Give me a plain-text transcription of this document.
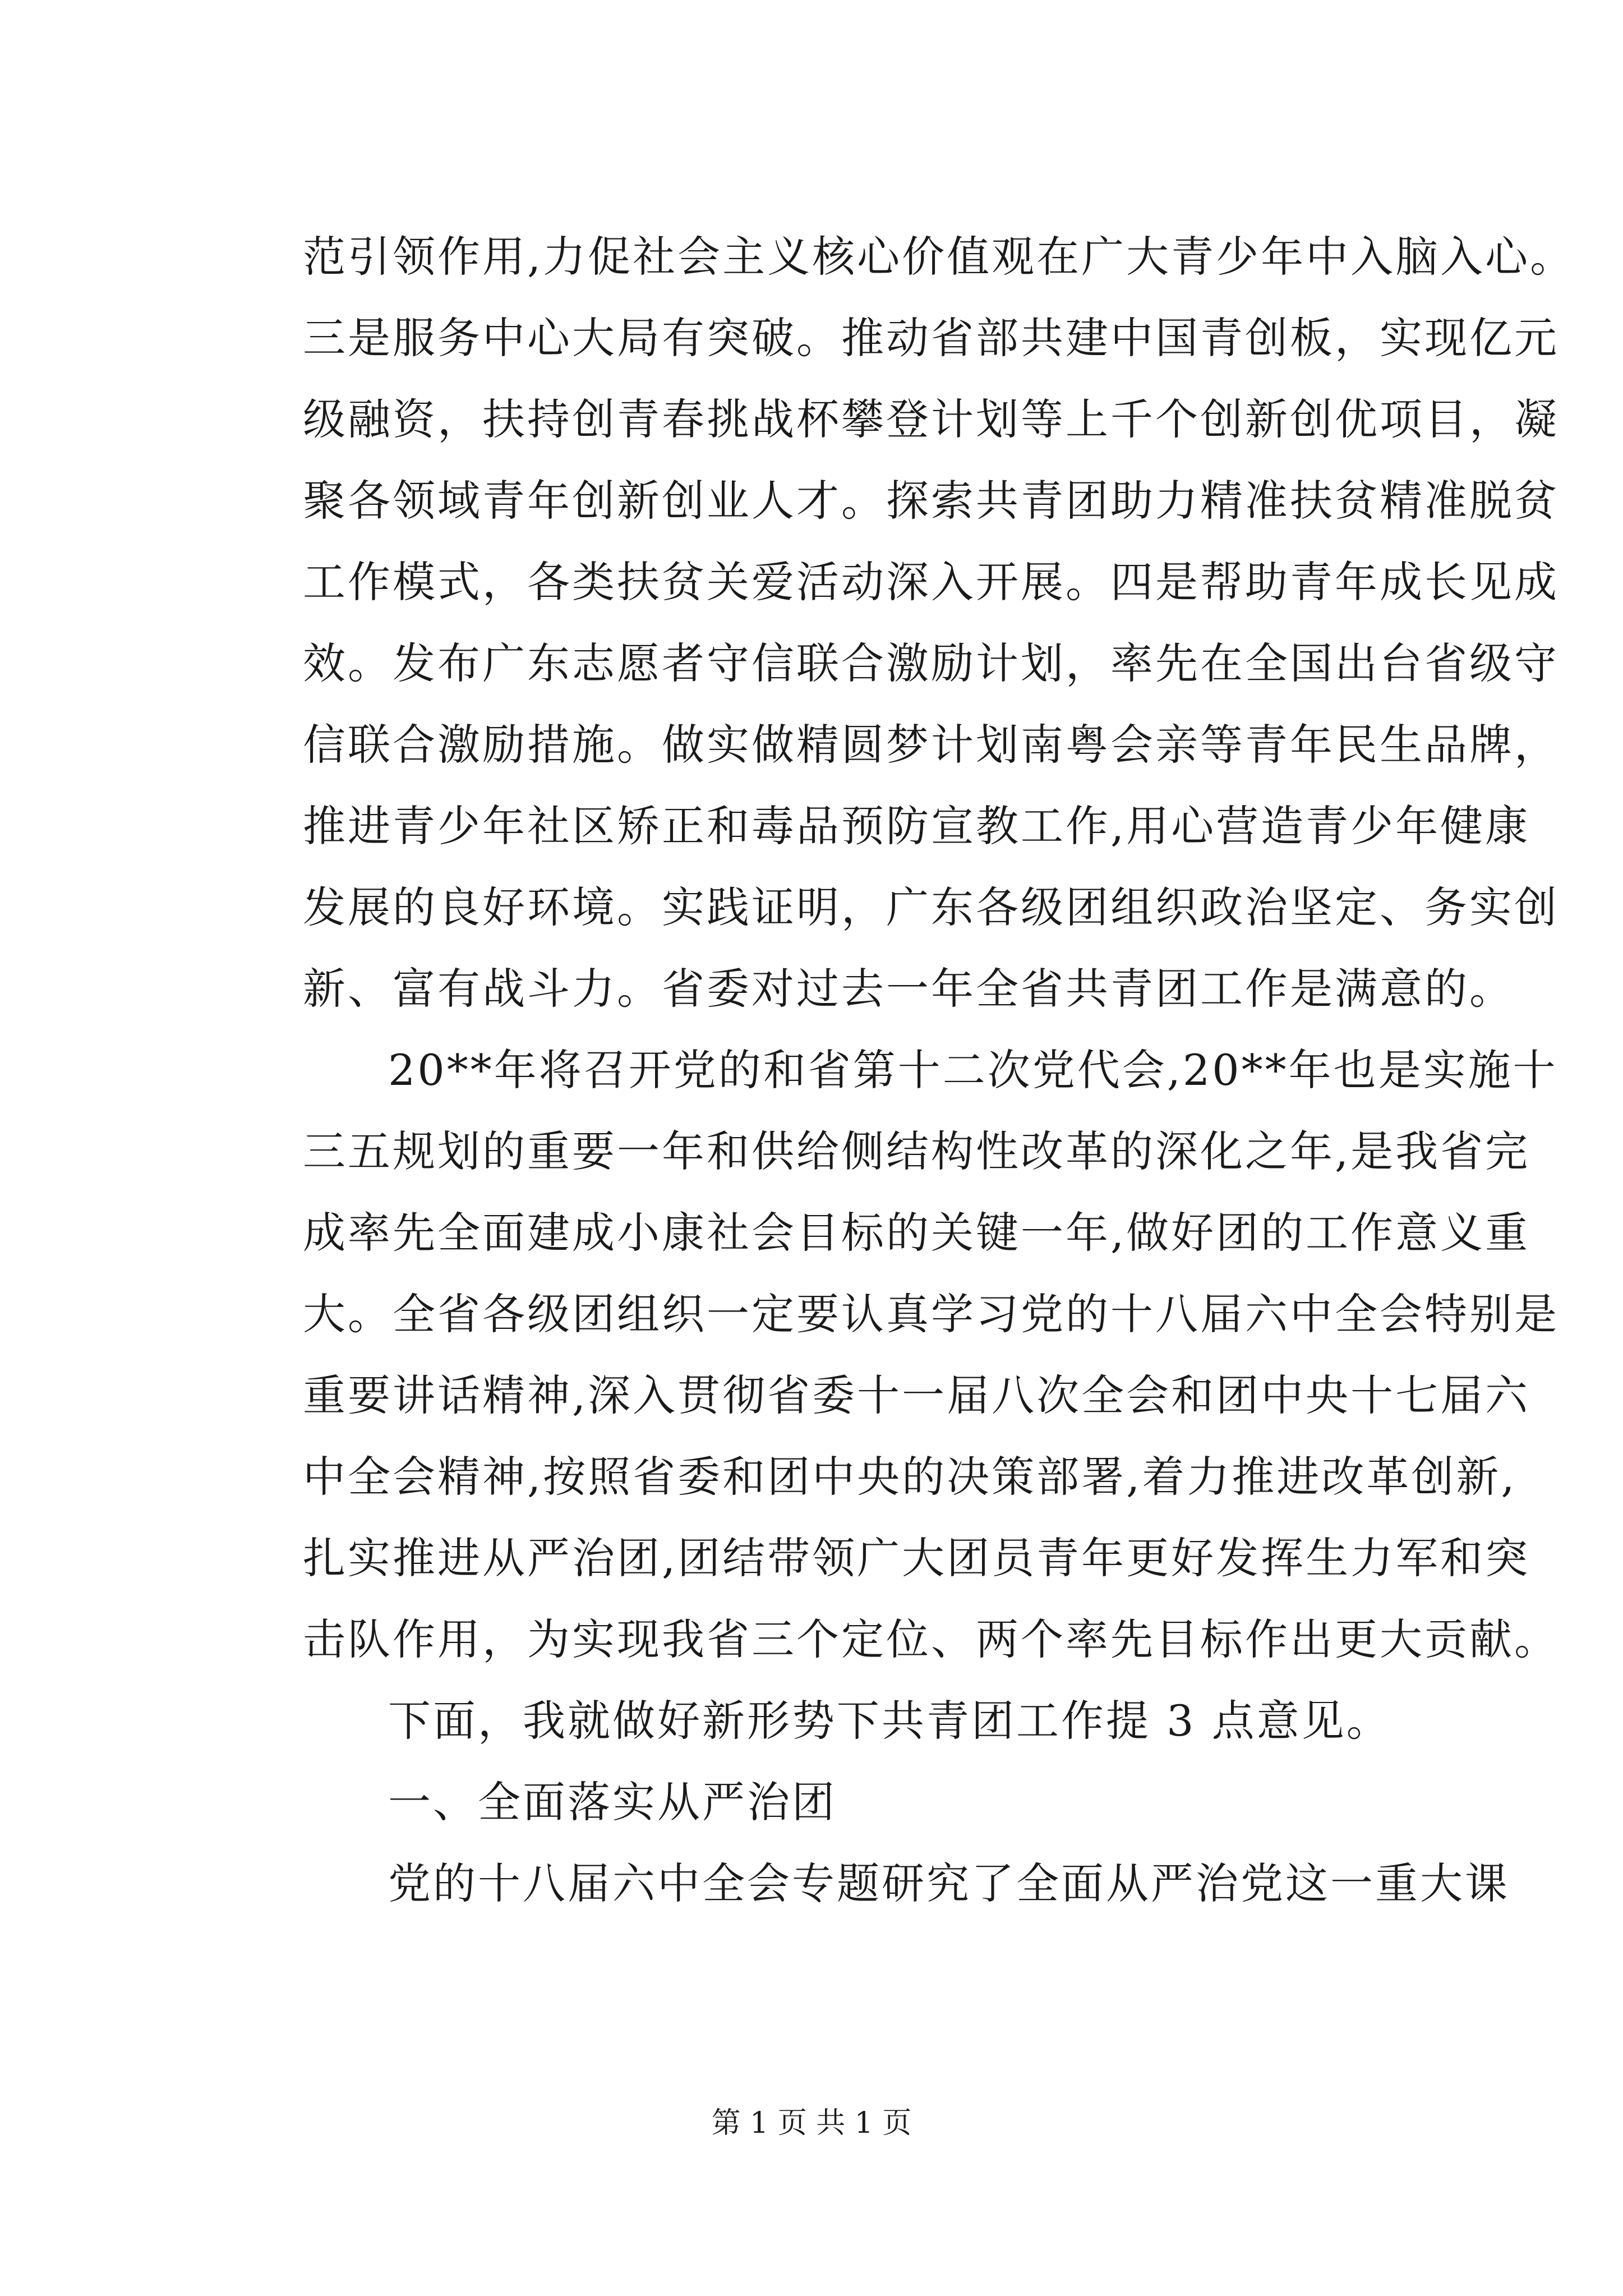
范引领作用,力促社会主义核心价值观在广大青少年中入脑入心。
三是服务中心大局有突破。推动省部共建中国青创板，实现亿元
级融资，扶持创青春挑战杯攀登计划等上千个创新创优项目，凝
聚各领域青年创新创业人才。探索共青团助力精准扶贫精准脱贫
工作模式，各类扶贫关爱活动深入开展。四是帮助青年成长见成
效。发布广东志愿者守信联合激励计划，率先在全国出台省级守
信联合激励措施。做实做精圆梦计划南粤会亲等青年民生品牌，
推进青少年社区矫正和毒品预防宣教工作,用心营造青少年健康
发展的良好环境。实践证明，广东各级团组织政治坚定、务实创
新、富有战斗力。省委对过去一年全省共青团工作是满意的。
20**年将召开党的和省第十二次党代会,20**年也是实施十
三五规划的重要一年和供给侧结构性改革的深化之年,是我省完
成率先全面建成小康社会目标的关键一年,做好团的工作意义重
大。全省各级团组织一定要认真学习党的十八届六中全会特别是
重要讲话精神,深入贯彻省委十一届八次全会和团中央十七届六
中全会精神,按照省委和团中央的决策部署,着力推进改革创新,
扎实推进从严治团,团结带领广大团员青年更好发挥生力军和突
击队作用，为实现我省三个定位、两个率先目标作出更大贡献。
下面，我就做好新形势下共青团工作提 3 点意见。
一、全面落实从严治团
党的十八届六中全会专题研究了全面从严治党这一重大课
第 1 页 共 1 页
